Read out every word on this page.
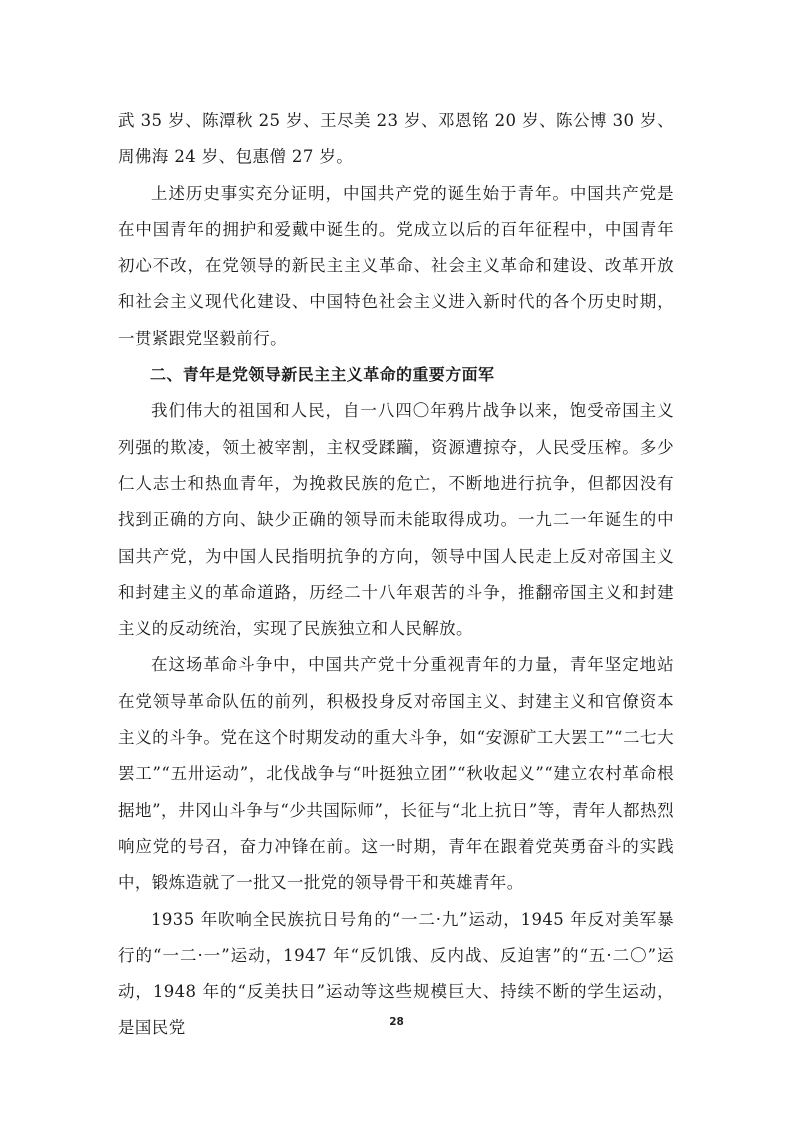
武 35 岁、陈潭秋 25 岁、王尽美 23 岁、邓恩铭 20 岁、陈公博 30 岁、周佛海 24 岁、包惠僧 27 岁。

上述历史事实充分证明，中国共产党的诞生始于青年。中国共产党是在中国青年的拥护和爱戴中诞生的。党成立以后的百年征程中，中国青年初心不改，在党领导的新民主主义革命、社会主义革命和建设、改革开放和社会主义现代化建设、中国特色社会主义进入新时代的各个历史时期，一贯紧跟党坚毅前行。

二、青年是党领导新民主主义革命的重要方面军

我们伟大的祖国和人民，自一八四〇年鸦片战争以来，饱受帝国主义列强的欺凌，领土被宰割，主权受蹂躏，资源遭掠夺，人民受压榨。多少仁人志士和热血青年，为挽救民族的危亡，不断地进行抗争，但都因没有找到正确的方向、缺少正确的领导而未能取得成功。一九二一年诞生的中国共产党，为中国人民指明抗争的方向，领导中国人民走上反对帝国主义和封建主义的革命道路，历经二十八年艰苦的斗争，推翻帝国主义和封建主义的反动统治，实现了民族独立和人民解放。

在这场革命斗争中，中国共产党十分重视青年的力量，青年坚定地站在党领导革命队伍的前列，积极投身反对帝国主义、封建主义和官僚资本主义的斗争。党在这个时期发动的重大斗争，如“安源矿工大罢工”“二七大罢工”“五卅运动”，北伐战争与“叶挺独立团”“秋收起义”“建立农村革命根据地”，井冈山斗争与“少共国际师”，长征与“北上抗日”等，青年人都热烈响应党的号召，奋力冲锋在前。这一时期，青年在跟着党英勇奋斗的实践中，锻炼造就了一批又一批党的领导骨干和英雄青年。

1935 年吹响全民族抗日号角的“一二·九”运动，1945 年反对美军暴行的“一二·一”运动，1947 年“反饥饿、反内战、反迫害”的“五·二〇”运动，1948 年的“反美扶日”运动等这些规模巨大、持续不断的学生运动，是国民党	28
